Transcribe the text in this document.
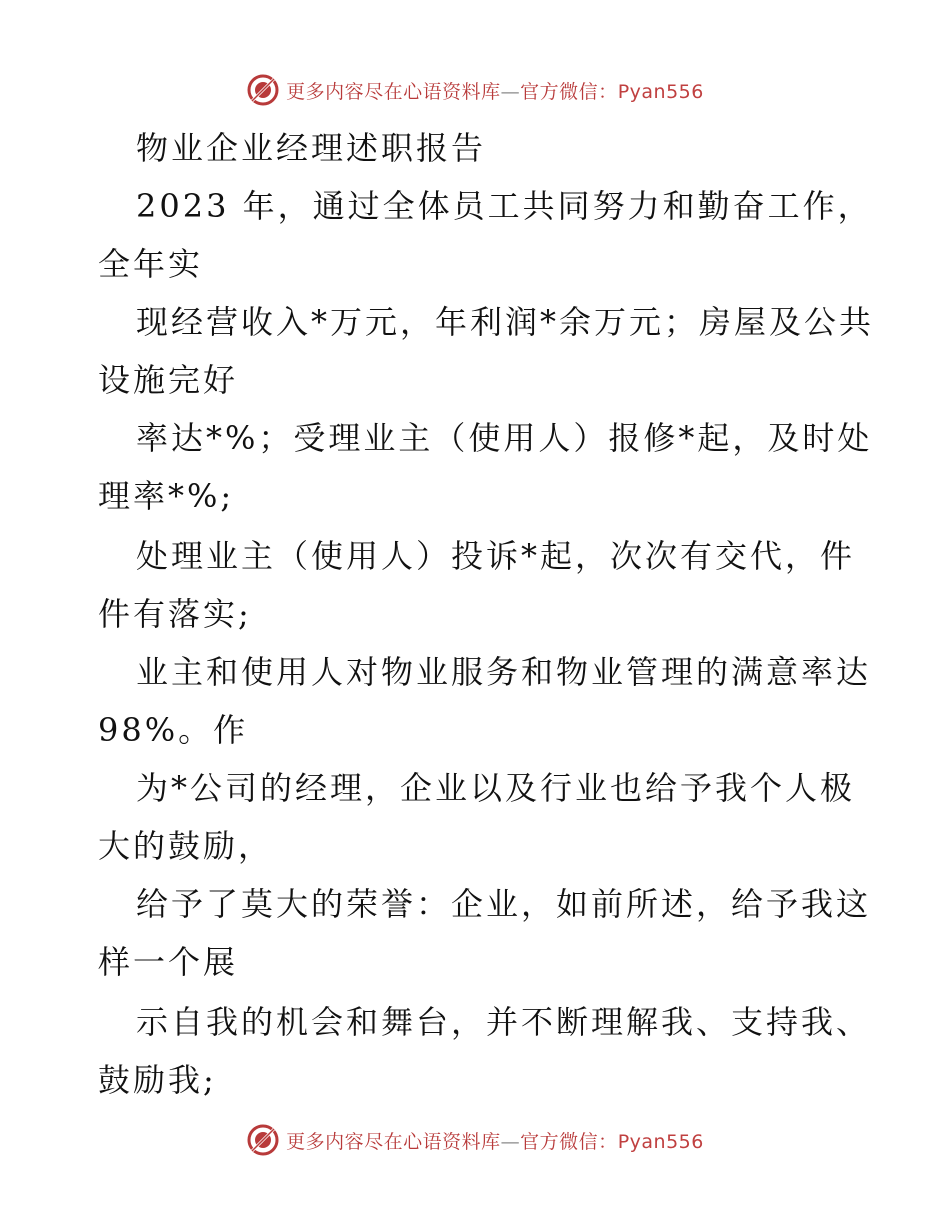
更多内容尽在心语资料库—官方微信：Pyan556
物业企业经理述职报告
2023 年，通过全体员工共同努力和勤奋工作，
全年实
现经营收入*万元，年利润*余万元；房屋及公共
设施完好
率达*%；受理业主（使用人）报修*起，及时处
理率*%;
处理业主（使用人）投诉*起，次次有交代，件
件有落实;
业主和使用人对物业服务和物业管理的满意率达
98%。作
为*公司的经理，企业以及行业也给予我个人极
大的鼓励，
给予了莫大的荣誉：企业，如前所述，给予我这
样一个展
示自我的机会和舞台，并不断理解我、支持我、
鼓励我;
更多内容尽在心语资料库—官方微信：Pyan556
